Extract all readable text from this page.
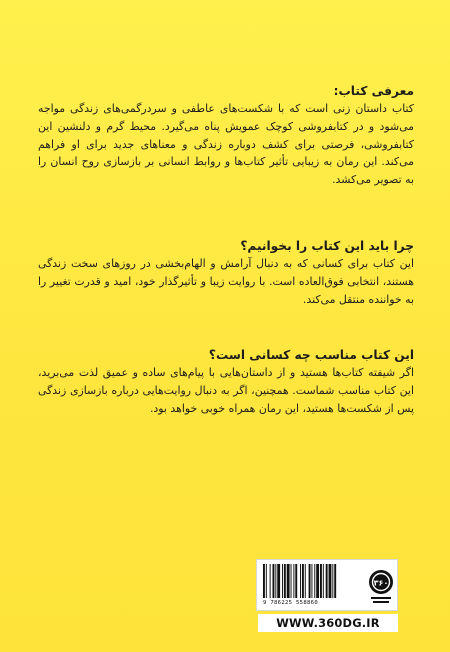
معرفی کتاب:

کتاب داستان زنی است که با شکست‌های عاطفی و سردرگمی‌های زندگی مواجه می‌شود و در کتابفروشی کوچک عمویش پناه می‌گیرد. محیط گرم و دلنشین این کتابفروشی، فرصتی برای کشف دوباره زندگی و معناهای جدید برای او فراهم می‌کند. این رمان به زیبایی تأثیر کتاب‌ها و روابط انسانی بر بازسازی روح انسان را به تصویر می‌کشد.

چرا باید این کتاب را بخوانیم؟

این کتاب برای کسانی که به دنبال آرامش و الهام‌بخشی در روزهای سخت زندگی هستند، انتخابی فوق‌العاده است. با روایت زیبا و تأثیرگذار خود، امید و قدرت تغییر را به خواننده منتقل می‌کند.

این کتاب مناسب چه کسانی است؟

اگر شیفته کتاب‌ها هستید و از داستان‌هایی با پیام‌های ساده و عمیق لذت می‌برید، این کتاب مناسب شماست. همچنین، اگر به دنبال روایت‌هایی درباره بازسازی زندگی پس از شکست‌ها هستید، این رمان همراه خوبی خواهد بود.

9 786225 558860
۳۶۰
WWW.360DG.IR
